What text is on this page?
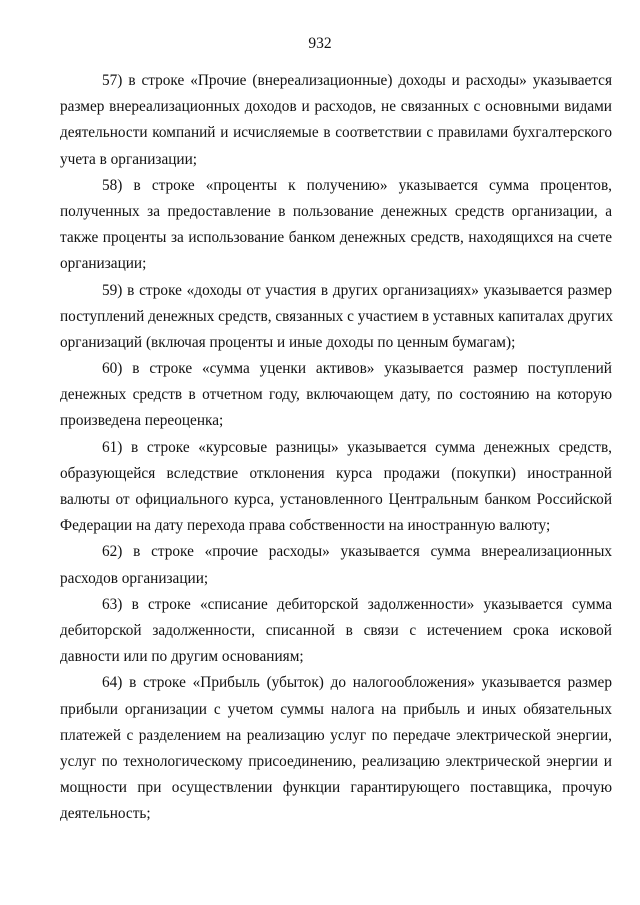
932
57) в строке «Прочие (внереализационные) доходы и расходы» указывается
размер внереализационных доходов и расходов, не связанных с основными видами
деятельности компаний и исчисляемые в соответствии с правилами бухгалтерского
учета в организации;
58) в строке «проценты к получению» указывается сумма процентов,
полученных за предоставление в пользование денежных средств организации, а
также проценты за использование банком денежных средств, находящихся на счете
организации;
59) в строке «доходы от участия в других организациях» указывается размер
поступлений денежных средств, связанных с участием в уставных капиталах других
организаций (включая проценты и иные доходы по ценным бумагам);
60) в строке «сумма уценки активов» указывается размер поступлений
денежных средств в отчетном году, включающем дату, по состоянию на которую
произведена переоценка;
61) в строке «курсовые разницы» указывается сумма денежных средств,
образующейся вследствие отклонения курса продажи (покупки) иностранной
валюты от официального курса, установленного Центральным банком Российской
Федерации на дату перехода права собственности на иностранную валюту;
62) в строке «прочие расходы» указывается сумма внереализационных
расходов организации;
63) в строке «списание дебиторской задолженности» указывается сумма
дебиторской задолженности, списанной в связи с истечением срока исковой
давности или по другим основаниям;
64) в строке «Прибыль (убыток) до налогообложения» указывается размер
прибыли организации с учетом суммы налога на прибыль и иных обязательных
платежей с разделением на реализацию услуг по передаче электрической энергии,
услуг по технологическому присоединению, реализацию электрической энергии и
мощности при осуществлении функции гарантирующего поставщика, прочую
деятельность;
